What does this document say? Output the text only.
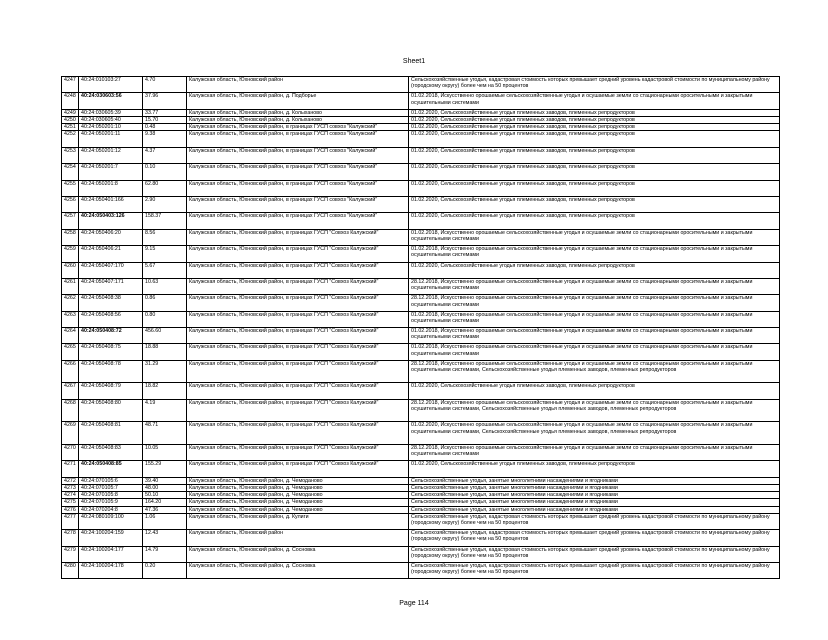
Sheet1
4247	40:24:010103:27	4.70	Калужская область, Юхновский район	Сельскохозяйственные угодья, кадастровая стоимость которых превышает средний уровень кадастровой стоимости по муниципальному району (городскому округу) более чем на 50 процентов
4248	40:24:030603:56	37.96	Калужская область, Юхновский район, д. Подборье	01.02.2018, Искусственно орошаемые сельскохозяйственные угодья и осушаемые земли со стационарными оросительными и закрытыми осушительными системами
4249	40:24:030605:39	33.77	Калужская область, Юхновский район, д. Колыханово	01.02.2020, Сельскохозяйственные угодья племенных заводов, племенных репродукторов
4250	40:24:030605:40	15.70	Калужская область, Юхновский район, д. Колыханово	01.02.2020, Сельскохозяйственные угодья племенных заводов, племенных репродукторов
4251	40:24:050201:10	0.48	Калужская область, Юхновский район, в границах ГУСП совхоз "Калужский"	01.02.2020, Сельскохозяйственные угодья племенных заводов, племенных репродукторов
4252	40:24:050201:11	9.38	Калужская область, Юхновский район, в границах ГУСП совхоз "Калужский"	01.02.2020, Сельскохозяйственные угодья племенных заводов, племенных репродукторов
4253	40:24:050201:12	4.37	Калужская область, Юхновский район, в границах ГУСП совхоз "Калужский"	01.02.2020, Сельскохозяйственные угодья племенных заводов, племенных репродукторов
4254	40:24:050201:7	0.10	Калужская область, Юхновский район, в границах ГУСП совхоз "Калужский"	01.02.2020, Сельскохозяйственные угодья племенных заводов, племенных репродукторов
4255	40:24:050201:8	62.80	Калужская область, Юхновский район, в границах ГУСП совхоз "Калужский"	01.02.2020, Сельскохозяйственные угодья племенных заводов, племенных репродукторов
4256	40:24:050401:166	2.90	Калужская область, Юхновский район, в границах ГУСП совхоз "Калужский"	01.02.2020, Сельскохозяйственные угодья племенных заводов, племенных репродукторов
4257	40:24:050403:126	158.37	Калужская область, Юхновский район, в границах ГУСП совхоз "Калужский"	01.02.2020, Сельскохозяйственные угодья племенных заводов, племенных репродукторов
4258	40:24:050406:20	8.56	Калужская область, Юхновский район, в границах ГУСП "Совхоз Калужский"	01.02.2018, Искусственно орошаемые сельскохозяйственные угодья и осушаемые земли со стационарными оросительными и закрытыми осушительными системами
4259	40:24:050406:21	9.15	Калужская область, Юхновский район, в границах ГУСП "Совхоз Калужский"	01.02.2018, Искусственно орошаемые сельскохозяйственные угодья и осушаемые земли со стационарными оросительными и закрытыми осушительными системами
4260	40:24:050407:170	5.67	Калужская область, Юхновский район, в границах ГУСП "Совхоз Калужский"	01.02.2020, Сельскохозяйственные угодья племенных заводов, племенных репродукторов
4261	40:24:050407:171	10.63	Калужская область, Юхновский район, в границах ГУСП "Совхоз Калужский"	28.12.2018, Искусственно орошаемые сельскохозяйственные угодья и осушаемые земли со стационарными оросительными и закрытыми осушительными системами
4262	40:24:050408:38	0.86	Калужская область, Юхновский район, в границах ГУСП "Совхоз Калужский"	28.12.2018, Искусственно орошаемые сельскохозяйственные угодья и осушаемые земли со стационарными оросительными и закрытыми осушительными системами
4263	40:24:050408:56	0.80	Калужская область, Юхновский район, в границах ГУСП "Совхоз Калужский"	01.02.2018, Искусственно орошаемые сельскохозяйственные угодья и осушаемые земли со стационарными оросительными и закрытыми осушительными системами
4264	40:24:050408:72	456.60	Калужская область, Юхновский район, в границах ГУСП "Совхоз Калужский"	01.02.2018, Искусственно орошаемые сельскохозяйственные угодья и осушаемые земли со стационарными оросительными и закрытыми осушительными системами
4265	40:24:050408:75	18.88	Калужская область, Юхновский район, в границах ГУСП "Совхоз Калужский"	01.02.2018, Искусственно орошаемые сельскохозяйственные угодья и осушаемые земли со стационарными оросительными и закрытыми осушительными системами
4266	40:24:050408:78	31.29	Калужская область, Юхновский район, в границах ГУСП "Совхоз Калужский"	28.12.2018, Искусственно орошаемые сельскохозяйственные угодья и осушаемые земли со стационарными оросительными и закрытыми осушительными системами, Сельскохозяйственные угодья племенных заводов, племенных репродукторов
4267	40:24:050408:79	18.82	Калужская область, Юхновский район, в границах ГУСП "Совхоз Калужский"	01.02.2020, Сельскохозяйственные угодья племенных заводов, племенных репродукторов
4268	40:24:050408:80	4.19	Калужская область, Юхновский район, в границах ГУСП "Совхоз Калужский"	28.12.2018, Искусственно орошаемые сельскохозяйственные угодья и осушаемые земли со стационарными оросительными и закрытыми осушительными системами, Сельскохозяйственные угодья племенных заводов, племенных репродукторов
4269	40:24:050408:81	48.71	Калужская область, Юхновский район, в границах ГУСП "Совхоз Калужский"	01.02.2020, Искусственно орошаемые сельскохозяйственные угодья и осушаемые земли со стационарными оросительными и закрытыми осушительными системами, Сельскохозяйственные угодья племенных заводов, племенных репродукторов
4270	40:24:050408:83	10.05	Калужская область, Юхновский район, в границах ГУСП "Совхоз Калужский"	28.12.2018, Искусственно орошаемые сельскохозяйственные угодья и осушаемые земли со стационарными оросительными и закрытыми осушительными системами
4271	40:24:050408:85	155.29	Калужская область, Юхновский район, в границах ГУСП "Совхоз Калужский"	01.02.2020, Сельскохозяйственные угодья племенных заводов, племенных репродукторов
4272	40:24:070105:6	39.40	Калужская область, Юхновский район, д. Чемоданово	Сельскохозяйственные угодья, занятые многолетними насаждениями и ягодниками
4273	40:24:070105:7	48.00	Калужская область, Юхновский район, д. Чемоданово	Сельскохозяйственные угодья, занятые многолетними насаждениями и ягодниками
4274	40:24:070105:8	50.10	Калужская область, Юхновский район, д. Чемоданово	Сельскохозяйственные угодья, занятые многолетними насаждениями и ягодниками
4275	40:24:070105:9	164.20	Калужская область, Юхновский район, д. Чемоданово	Сельскохозяйственные угодья, занятые многолетними насаждениями и ягодниками
4276	40:24:070204:8	47.36	Калужская область, Юхновский район, д. Чемоданово	Сельскохозяйственные угодья, занятые многолетними насаждениями и ягодниками
4277	40:24:080109:100	1.06	Калужская область, Юхновский район, д. Кулиги	Сельскохозяйственные угодья, кадастровая стоимость которых превышает средний уровень кадастровой стоимости по муниципальному району (городскому округу) более чем на 50 процентов
4278	40:24:100204:159	12.43	Калужская область, Юхновский район	Сельскохозяйственные угодья, кадастровая стоимость которых превышает средний уровень кадастровой стоимости по муниципальному району (городскому округу) более чем на 50 процентов
4279	40:24:100204:177	14.79	Калужская область, Юхновский район, д. Сосновка	Сельскохозяйственные угодья, кадастровая стоимость которых превышает средний уровень кадастровой стоимости по муниципальному району (городскому округу) более чем на 50 процентов
4280	40:24:100204:178	0.20	Калужская область, Юхновский район, д. Сосновка	Сельскохозяйственные угодья, кадастровая стоимость которых превышает средний уровень кадастровой стоимости по муниципальному району (городскому округу) более чем на 50 процентов
Page 114
